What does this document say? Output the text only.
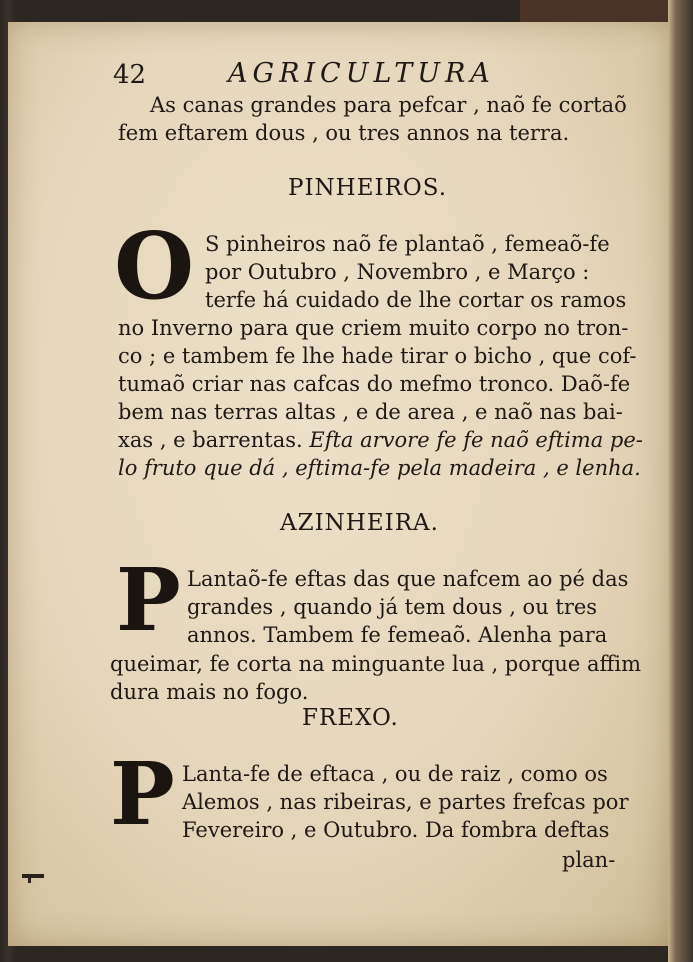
42	AGRICULTURA
As canas grandes para pefcar , naõ fe cortaõ
fem eftarem dous , ou tres annos na terra.
PINHEIROS.
O S pinheiros naõ fe plantaõ , femeaõ-fe
por Outubro , Novembro , e Março :
terfe há cuidado de lhe cortar os ramos
no Inverno para que criem muito corpo no tron-
co ; e tambem fe lhe hade tirar o bicho , que cof-
tumaõ criar nas cafcas do mefmo tronco. Daõ-fe
bem nas terras altas , e de area , e naõ nas bai-
xas , e barrentas. Efta arvore fe fe naõ eftima pe-
lo fruto que dá , eftima-fe pela madeira , e lenha.
AZINHEIRA.
P Lantaõ-fe eftas das que nafcem ao pé das
grandes , quando já tem dous , ou tres
annos. Tambem fe femeaõ. Alenha para
queimar, fe corta na minguante lua , porque affim
dura mais no fogo.
FREXO.
P Lanta-fe de eftaca , ou de raiz , como os
Alemos , nas ribeiras, e partes frefcas por
Fevereiro , e Outubro. Da fombra deftas
plan-
